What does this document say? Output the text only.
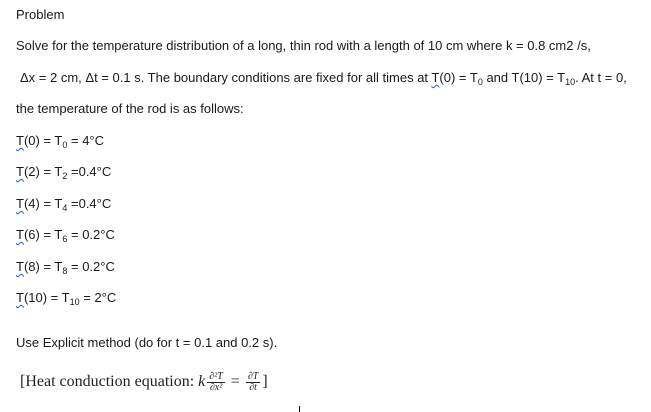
Problem
Solve for the temperature distribution of a long, thin rod with a length of 10 cm where k = 0.8 cm2 /s,
Δx = 2 cm, Δt = 0.1 s. The boundary conditions are fixed for all times at $T(0) = T_0$ and $T(10) = T_{10}$. At t = 0,
the temperature of the rod is as follows:
$T(0) = T_0 = 4^\circ C$
$T(2) = T_2 =0.4^\circ C$
$T(4) = T_4 =0.4^\circ C$
$T(6) = T_6 = 0.2^\circ C$
$T(8) = T_8 = 0.2^\circ C$
$T(10) = T_{10} = 2^\circ C$
Use Explicit method (do for t = 0.1 and 0.2 s).
[Heat conduction equation: k $\frac{\text{∂²T}}{\text{∂x²}} = \frac{\partial T}{\partial t}$ ]
